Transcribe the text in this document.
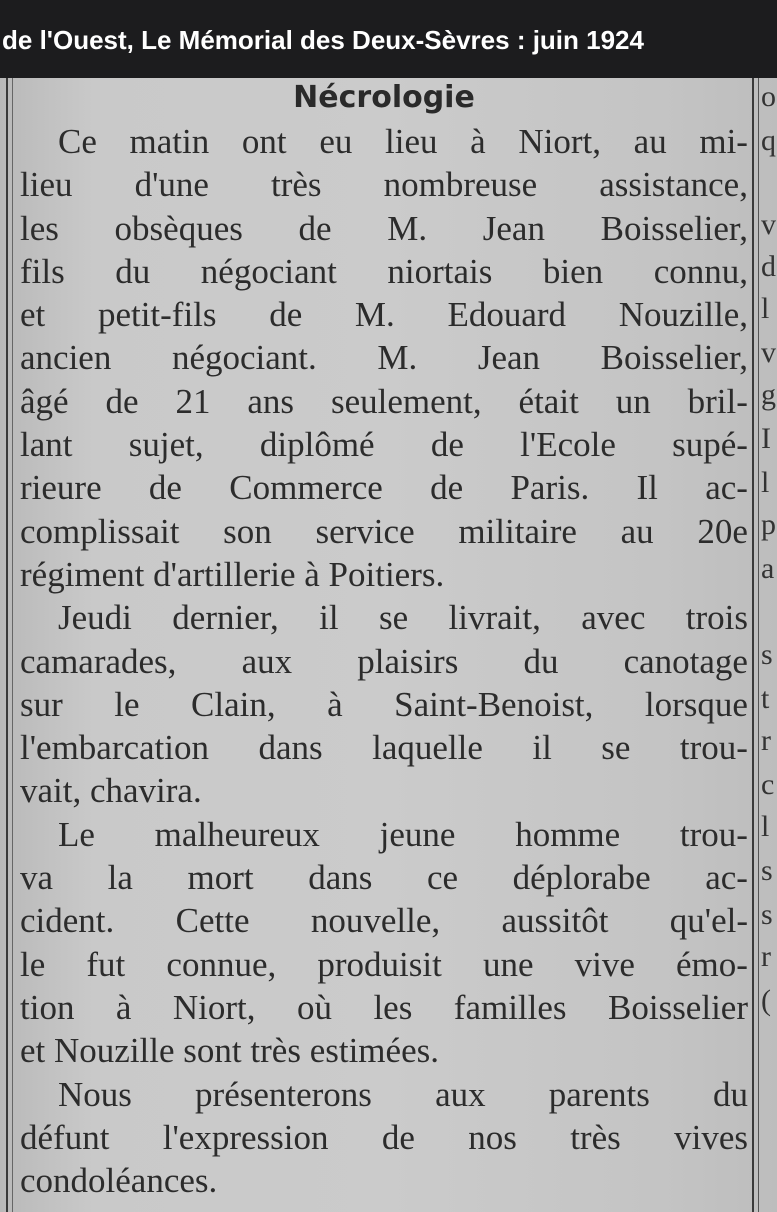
de l'Ouest, Le Mémorial des Deux-Sèvres : juin 1924
Nécrologie
Ce matin ont eu lieu à Niort, au mi-
lieu d'une très nombreuse assistance,
les obsèques de M. Jean Boisselier,
fils du négociant niortais bien connu,
et petit-fils de M. Edouard Nouzille,
ancien négociant. M. Jean Boisselier,
âgé de 21 ans seulement, était un bril-
lant sujet, diplômé de l'Ecole supé-
rieure de Commerce de Paris. Il ac-
complissait son service militaire au 20e
régiment d'artillerie à Poitiers.
Jeudi dernier, il se livrait, avec trois
camarades, aux plaisirs du canotage
sur le Clain, à Saint-Benoist, lorsque
l'embarcation dans laquelle il se trou-
vait, chavira.
Le malheureux jeune homme trou-
va la mort dans ce déplorabe ac-
cident. Cette nouvelle, aussitôt qu'el-
le fut connue, produisit une vive émo-
tion à Niort, où les familles Boisselier
et Nouzille sont très estimées.
Nous présenterons aux parents du
défunt l'expression de nos très vives
condoléances.
o
q
v
d
l
v
g
I
l
p
a
s
t
r
c
l
s
s
r
(
